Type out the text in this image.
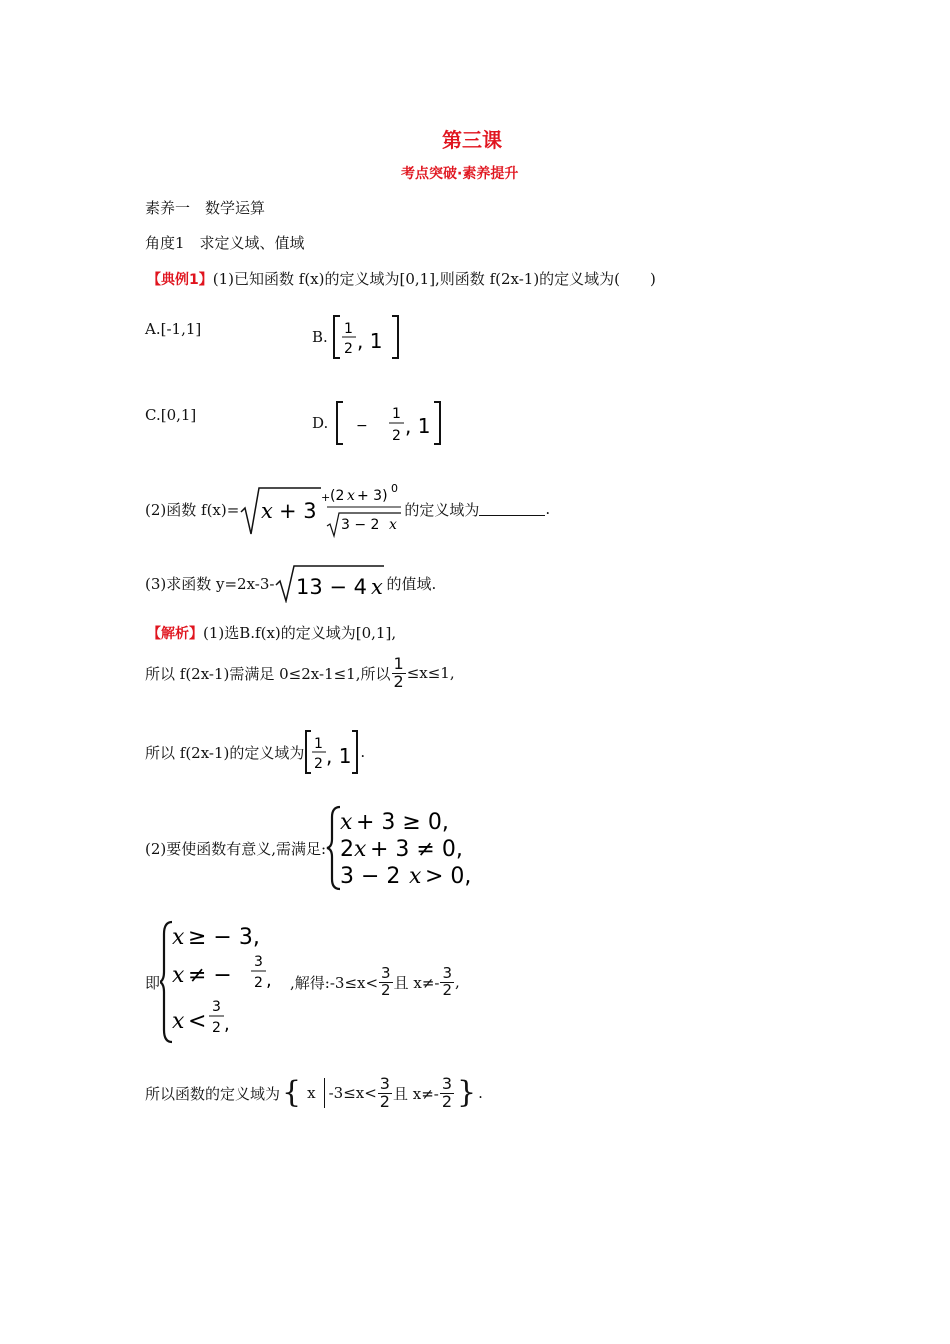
第三课
考点突破·素养提升
素养一　数学运算
角度1　求定义域、值域
【典例1】(1)已知函数 f(x)的定义域为[0,1],则函数 f(2x-1)的定义域为(　　)
A.[-1,1]	B. 1
2 , 1
C.[0,1]	D. −
1
2 , 1
(2)函数 f(x)= x + 3
+ (2 x + 3) 0
3 − 2 x
的定义域为	.
(3)求函数 y=2x-3- 13 − 4 x 的值域.
【解析】(1)选B.f(x)的定义域为[0,1],
所以 f(2x-1)需满足 0≤2x-1≤1,所以 $\frac{1}{2} \le x\le 1$,
所以 f(2x-1)的定义域为 1
2 , 1 .
(2)要使函数有意义,需满足:
x + 3 ≥ 0,
2 x + 3 ≠ 0,
3 − 2 x > 0,
即
x ≥ − 3,
x ≠ −
3
2 ,
x <
3
2 ,
,解得:-3≤x< $\frac{3}{2}$ 且 $x\ne- \frac{3}{2}$ ,
所以函数的定义域为 { x $-3\le x< \frac{3}{2}$ 且 $x\ne- \frac{3}{2}$ } .
